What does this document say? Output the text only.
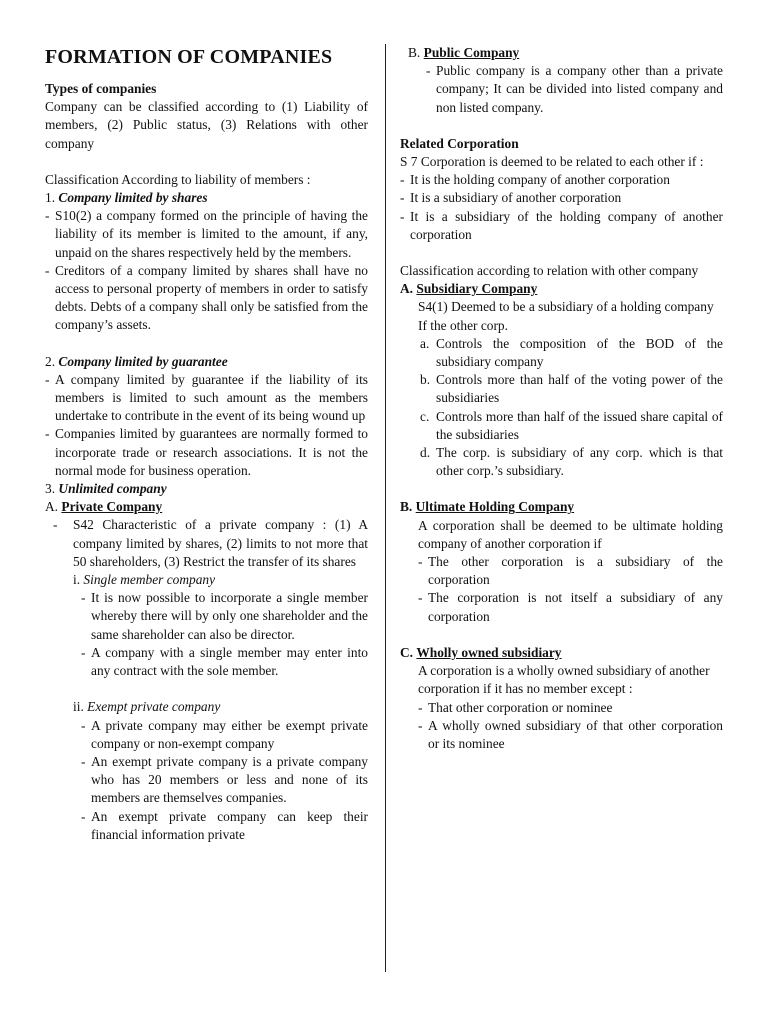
FORMATION OF COMPANIES

Types of companies

Company can be classified according to (1) Liability of members, (2) Public status, (3) Relations with other company

Classification According to liability of members :

1. Company limited by shares

- S10(2) a company formed on the principle of having the liability of its member is limited to the amount, if any, unpaid on the shares respectively held by the members.
- Creditors of a company limited by shares shall have no access to personal property of members in order to satisfy debts. Debts of a company shall only be satisfied from the company’s assets.

2. Company limited by guarantee

- A company limited by guarantee if the liability of its members is limited to such amount as the members undertake to contribute in the event of its being wound up
- Companies limited by guarantees are normally formed to incorporate trade or research associations. It is not the normal mode for business operation.

3. Unlimited company

A. Private Company

- S42 Characteristic of a private company : (1) A company limited by shares, (2) limits to not more that 50 shareholders, (3) Restrict the transfer of its shares

i. Single member company

- It is now possible to incorporate a single member whereby there will by only one shareholder and the same shareholder can also be director.
- A company with a single member may enter into any contract with the sole member.

ii. Exempt private company

- A private company may either be exempt private company or non-exempt company
- An exempt private company is a private company who has 20 members or less and none of its members are themselves companies.
- An exempt private company can keep their financial information private

B. Public Company

- Public company is a company other than a private company; It can be divided into listed company and non listed company.

Related Corporation

S 7 Corporation is deemed to be related to each other if :

- It is the holding company of another corporation
- It is a subsidiary of another corporation
- It is a subsidiary of the holding company of another corporation

Classification according to relation with other company

A. Subsidiary Company

S4(1) Deemed to be a subsidiary of a holding company

If the other corp.

a. Controls the composition of the BOD of the subsidiary company
b. Controls more than half of the voting power of the subsidiaries
c. Controls more than half of the issued share capital of the subsidiaries
d. The corp. is subsidiary of any corp. which is that other corp.’s subsidiary.

B. Ultimate Holding Company

A corporation shall be deemed to be ultimate holding company of another corporation if

- The other corporation is a subsidiary of the corporation
- The corporation is not itself a subsidiary of any corporation

C. Wholly owned subsidiary

A corporation is a wholly owned subsidiary of another corporation if it has no member except :

- That other corporation or nominee
- A wholly owned subsidiary of that other corporation or its nominee
